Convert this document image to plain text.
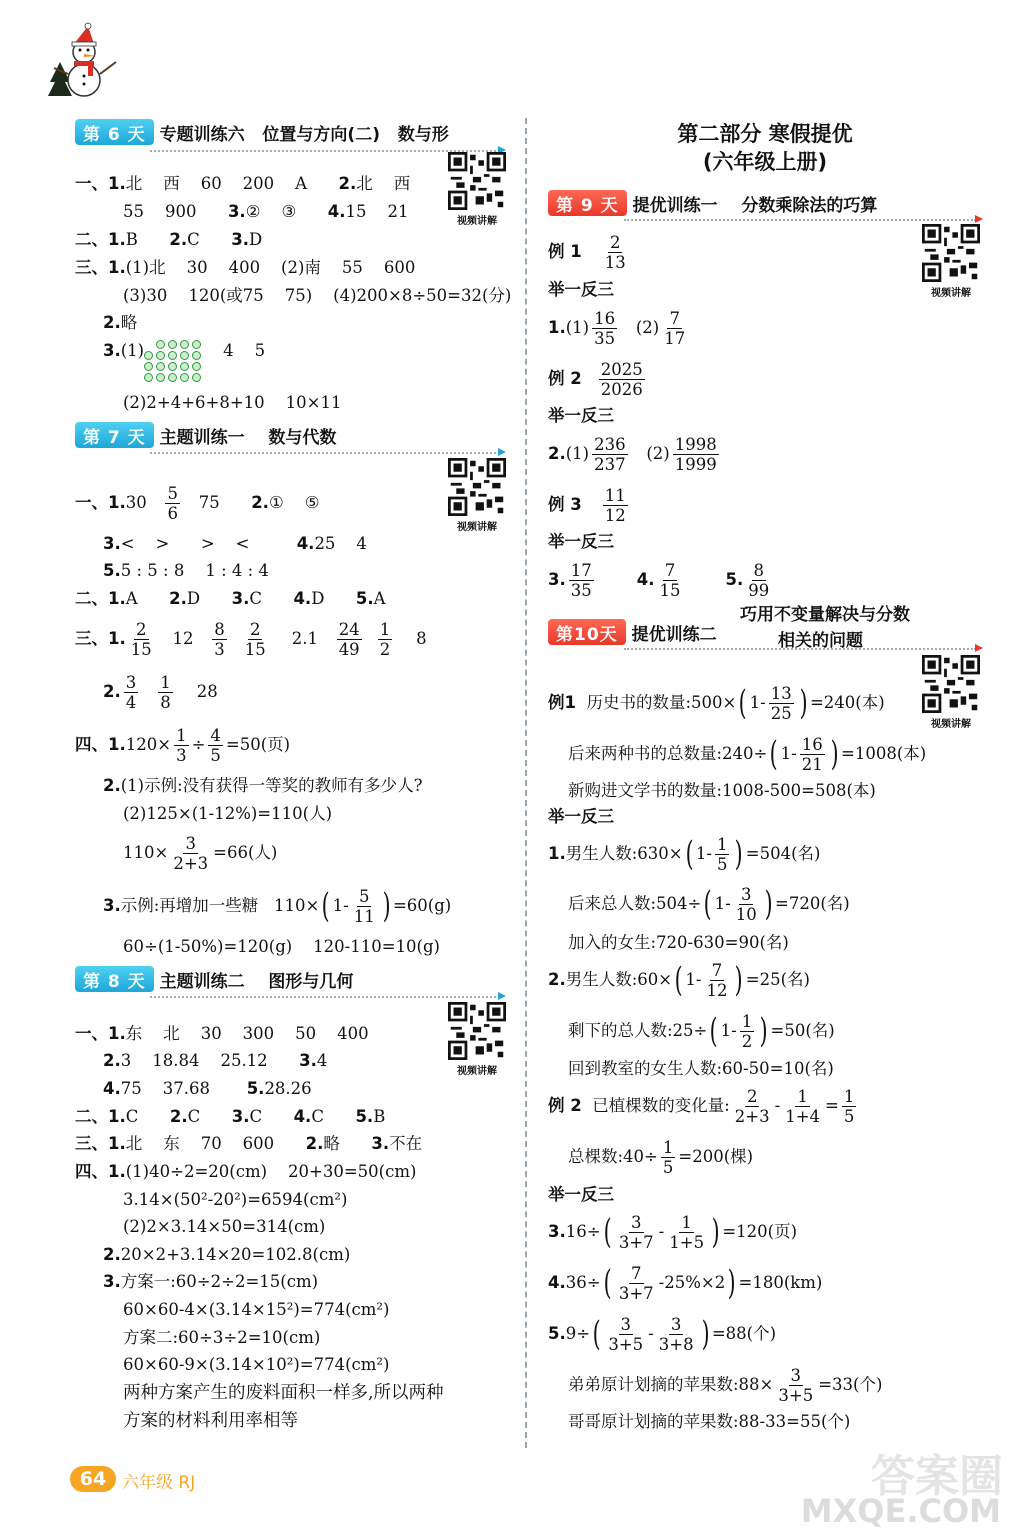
第 6 天 专题训练六   位置与方向(二)   数与形
视频讲解
一、1. 北    西    60    200    A 2. 北    西
55    900 3. ②    ③ 4. 15    21
二、1. B 2. C 3. D
三、1. (1)北    30    400    (2)南    55    600
(3)30    120(或75    75)    (4)200×8÷50=32(分)
2. 略
3. (1)	4    5
(2)2+4+6+8+10    10×11
第 7 天 主题训练一    数与代数
视频讲解
一、1. $30 \frac{5}{6} 75$ 2. ①    ⑤
3. <    >      >    < 4. 25    4
5. 5 : 5 : 8    1 : 4 : 4
二、1. A 2. D 3. C 4. D 5. A
三、1. $\frac{2}{15} 12 \frac{8}{3} \frac{2}{15} 2.1 \frac{24}{49} \frac{1}{2} 8$
2. $\frac{3}{4} \frac{1}{8} 28$
四、1. $120\times \frac{1}{3} \div \frac{4}{5} =50$(页)
2. (1)示例:没有获得一等奖的教师有多少人?
(2)125×(1-12%)=110(人)
$110\times \frac{3}{2+3} =66$(人)
3. 示例:再增加一些糖   110× ( $1- \frac{5}{11}$ ) =60(g)
60÷(1-50%)=120(g)    120-110=10(g)
第 8 天 主题训练二    图形与几何
视频讲解
一、1. 东    北    30    300    50    400
2. 3    18.84    25.12 3. 4
4. 75    37.68 5. 28.26
二、1. C 2. C 3. C 4. C 5. B
三、1. 北    东    70    600 2. 略 3. 不在
四、1. (1)40÷2=20(cm)    20+30=50(cm)
3.14×(50²-20²)=6594(cm²)
(2)2×3.14×50=314(cm)
2. 20×2+3.14×20=102.8(cm)
3. 方案一:60÷2÷2=15(cm)
60×60-4×(3.14×15²)=774(cm²)
方案二:60÷3÷2=10(cm)
60×60-9×(3.14×10²)=774(cm²)
两种方案产生的废料面积一样多,所以两种
方案的材料利用率相等
第二部分 寒假提优
(六年级上册)
第 9 天 提优训练一    分数乘除法的巧算
视频讲解
例 $1 \frac{2}{13}$
举一反三
1. $(1) \frac{16}{35} (2) \frac{7}{17}$
例 $2 \frac{2025}{2026}$
举一反三
2. $(1) \frac{236}{237} (2) \frac{1998}{1999}$
例 $3 \frac{11}{12}$
举一反三
3. $\frac{17}{35}$	4. $\frac{7}{15}$	5. $\frac{8}{99}$
巧用不变量解决与分数
相关的问题
第10天 提优训练二
视频讲解
例1 历史书的数量:500× ( $1- \frac{13}{25}$ ) =240(本)
后来两种书的总数量:240÷ ( $1- \frac{16}{21}$ ) =1008(本)
新购进文学书的数量:1008-500=508(本)
举一反三
1. 男生人数:630× ( $1- \frac{1}{5}$ ) =504(名)
后来总人数:504÷ ( $1- \frac{3}{10}$ ) =720(名)
加入的女生:720-630=90(名)
2. 男生人数:60× ( $1- \frac{7}{12}$ ) =25(名)
剩下的总人数:25÷ ( $1- \frac{1}{2}$ ) =50(名)
回到教室的女生人数:60-50=10(名)
例 2 已植棵数的变化量: $\frac{2}{2+3} - \frac{1}{1+4} = \frac{1}{5}$
总棵数:40÷ $\frac{1}{5} =200$(棵)
举一反三
3. 16÷ ( $\frac{3}{3+7} - \frac{1}{1+5}$ ) =120(页)
4. 36÷ ( $\frac{7}{3+7} -25\%\times 2$ ) =180(km)
5. 9÷ ( $\frac{3}{3+5} - \frac{3}{3+8}$ ) =88(个)
弟弟原计划摘的苹果数:88× $\frac{3}{3+5} =33$(个)
哥哥原计划摘的苹果数:88-33=55(个)
64 六年级 RJ	答案圈
MXQE.COM
